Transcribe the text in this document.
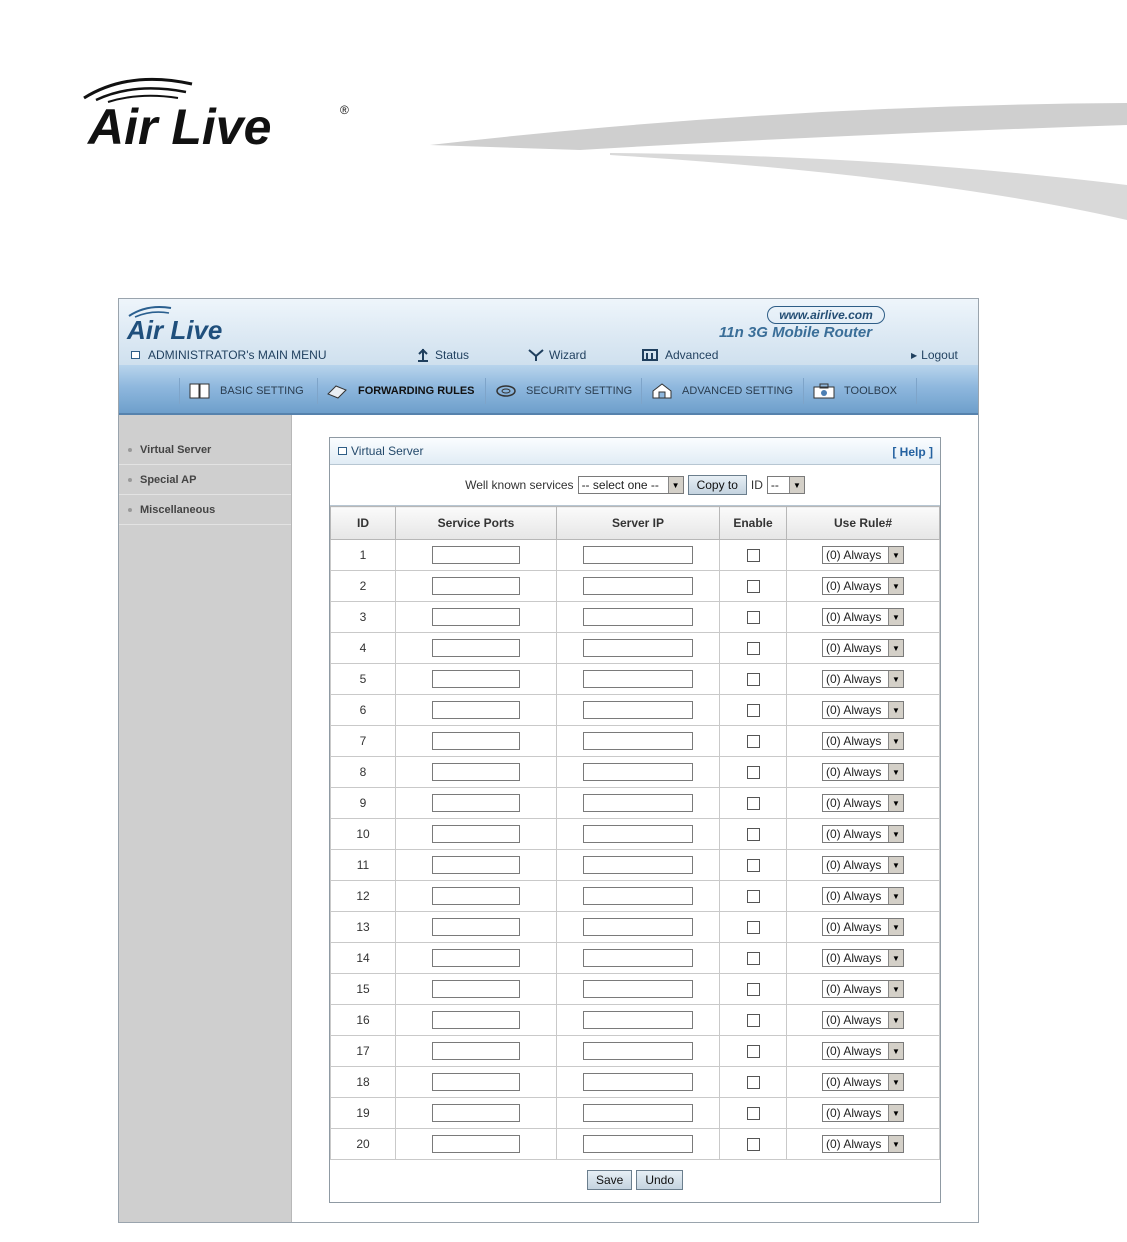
Air Live	®
Air Live	www.airlive.com
11n 3G Mobile Router
ADMINISTRATOR's MAIN MENU	Status	Wizard	Advanced	▶ Logout
BASIC SETTING	FORWARDING RULES	SECURITY SETTING	ADVANCED SETTING	TOOLBOX
Virtual Server
Special AP
Miscellaneous
Virtual Server	[ Help ]
Well known services -- select one --	▼	Copy to	ID --	▼
ID	Service Ports	Server IP	Enable	Use Rule#
1				(0) Always ▼

2				(0) Always ▼

3				(0) Always ▼

4				(0) Always ▼

5				(0) Always ▼

6				(0) Always ▼

7				(0) Always ▼

8				(0) Always ▼

9				(0) Always ▼

10				(0) Always ▼

11				(0) Always ▼

12				(0) Always ▼

13				(0) Always ▼

14				(0) Always ▼

15				(0) Always ▼

16				(0) Always ▼

17				(0) Always ▼

18				(0) Always ▼

19				(0) Always ▼

20				(0) Always ▼
Save	Undo
